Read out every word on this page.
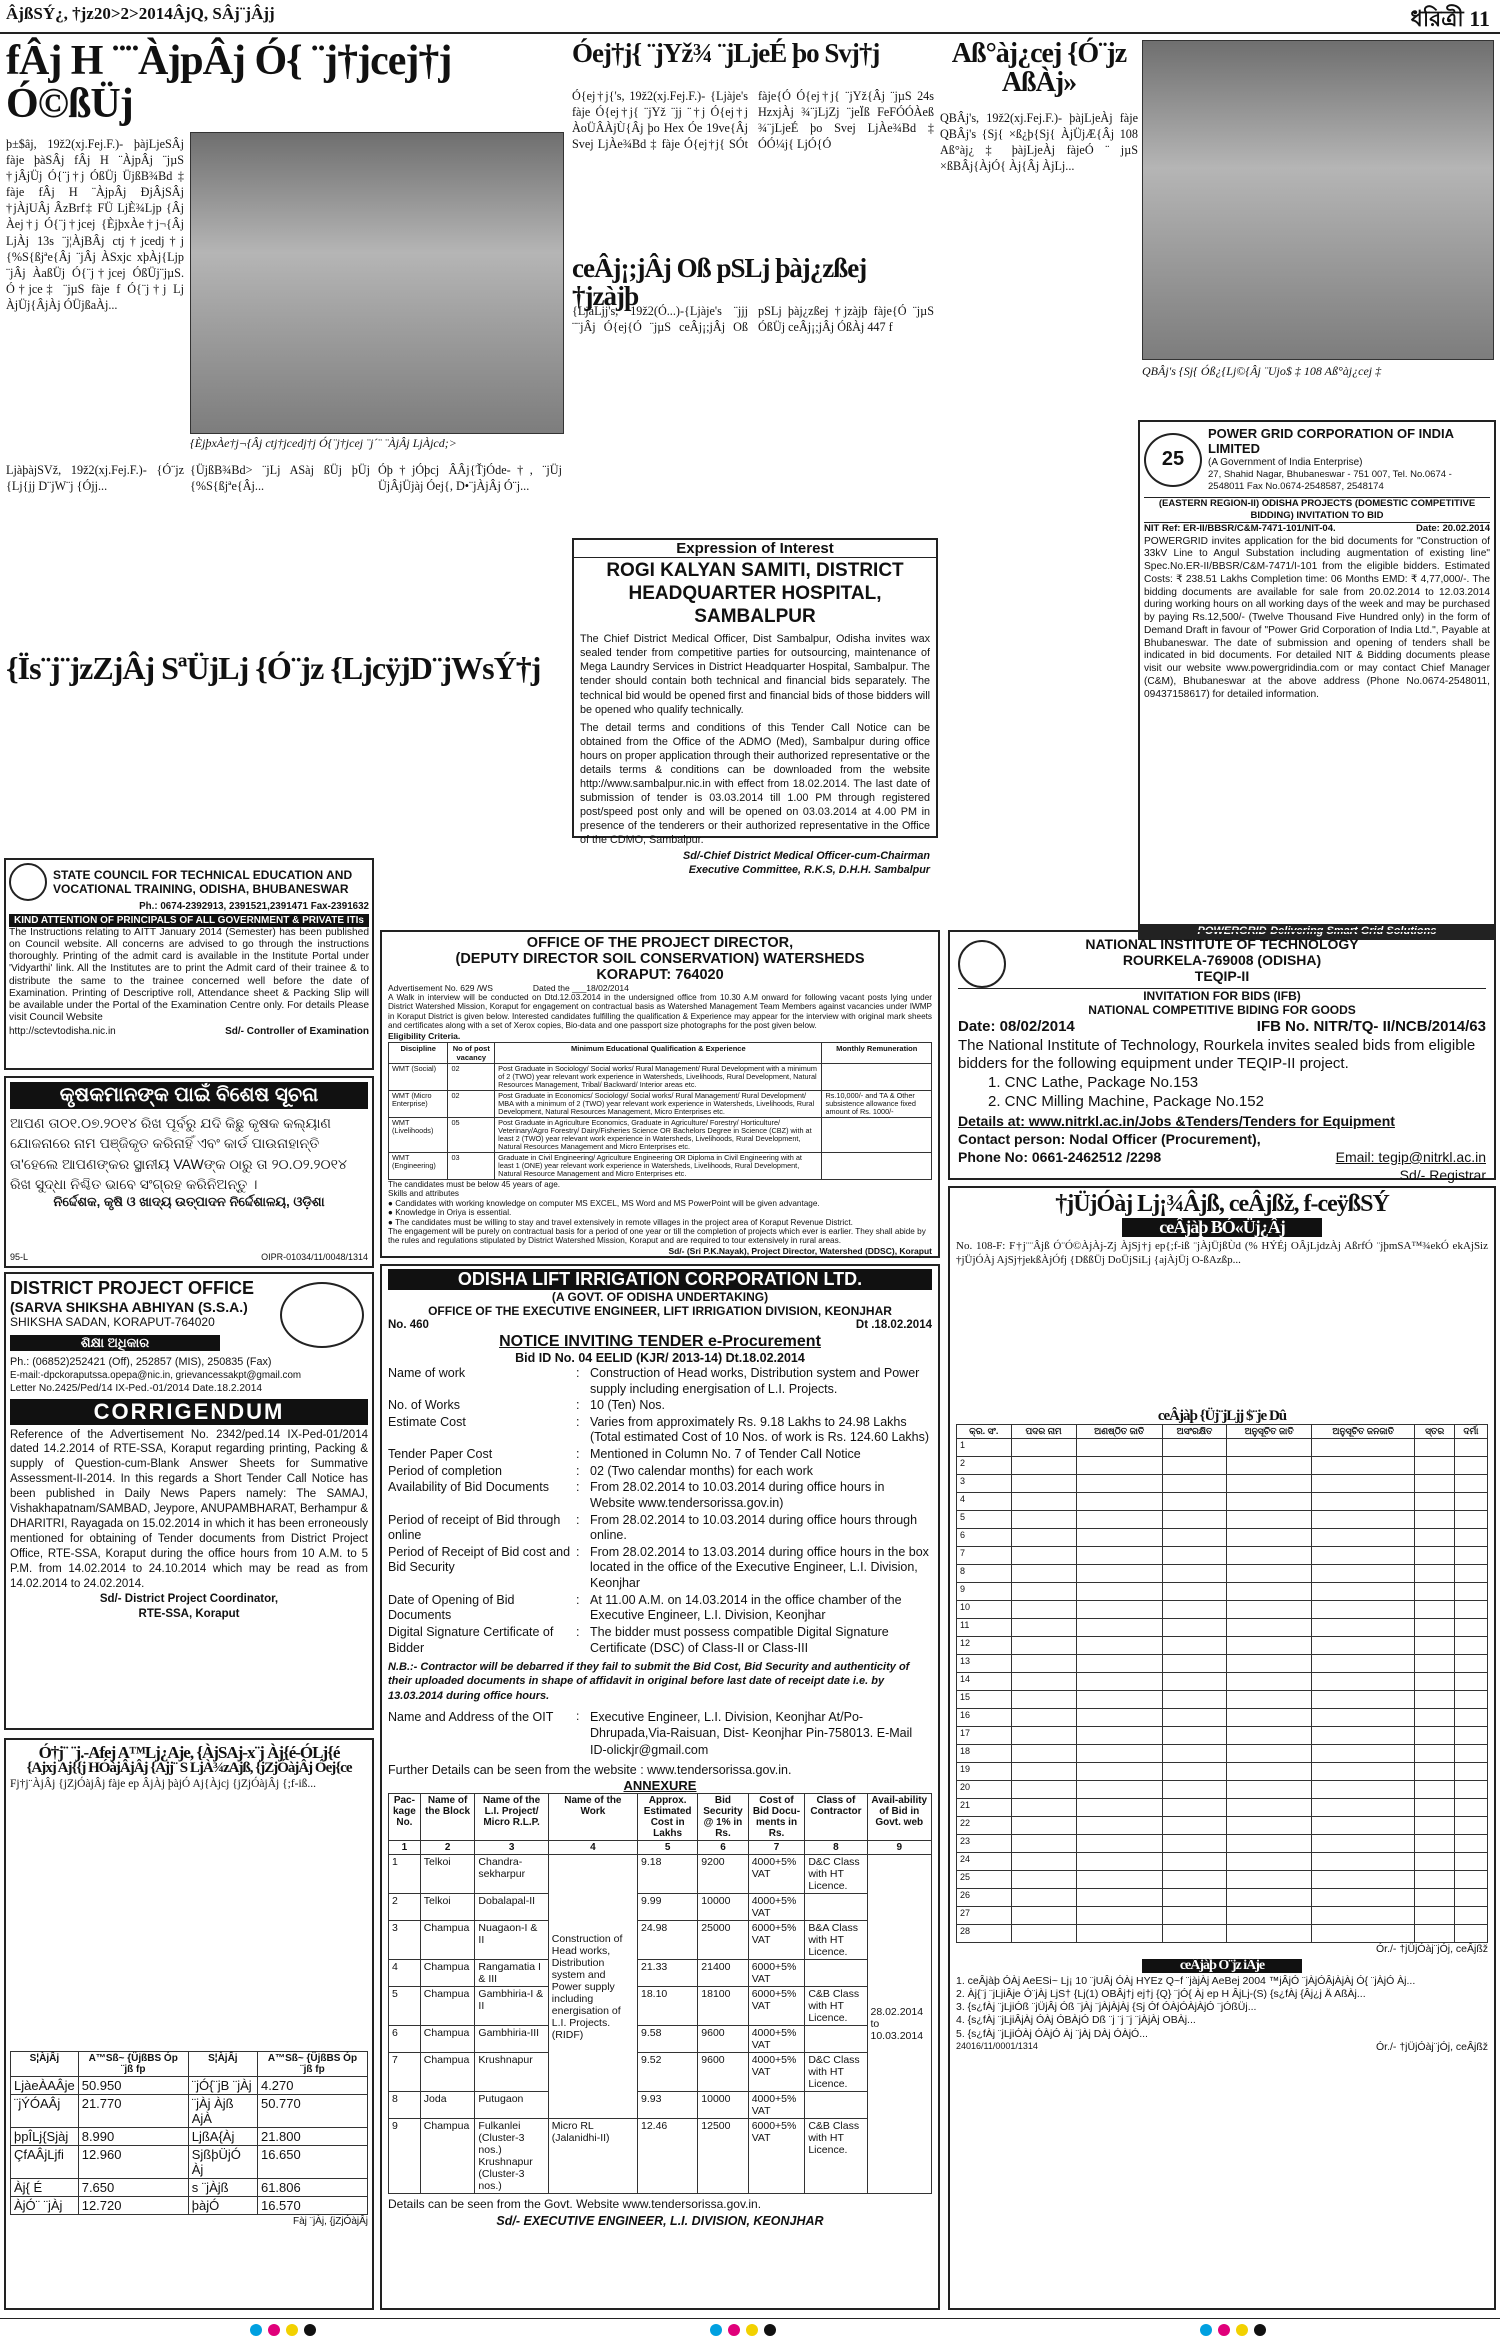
ÂjßSÝ¿, †jz20>2>2014ÂjQ, SÂj¨jÂjj	ধরিত্রী 11
fÂj H ¨¨ÀjpÂj Ó{ ¨j†jcej†j Ó©ßÜj
þ±$âj, 19ž2(xj.Fej.F.)- þàjLjeSÂj fàje þàSÂj fÂj H ¨ÀjpÂj ¨jµS †jÂjÜj Ó{¨j†j ÓßÜj ÜjßB¾Bd ‡ fàje fÂj H ¨ÀjpÂj ÐjÂjSÂj †jÀjUÂj ÂzBrf‡ FÜ LjÈ¾Ljp {Âj Àej†j Ó{¨j†jcej {ÈjþxÀe†j¬{Âj LjÀj 13s ¨j¦ÀjBÂj ctj†jcedj†j {%S{ßjªe{Âj ¨jÂj ÀSxjc xþÀj{Ljp ¨jÂj ÀaßÜj Ó{¨j†jcej ÓßÜj¨jµS. Ó†jce‡ ¨jµS fàje f Ó{¨j†j Lj ÀjÜj{ÂjÀj ÓÜjßaÀj...
{ÈjþxÀe†j¬{Âj ctj†jcedj†j Ó{¨j†jcej ¨j´¨ ¨ÀjÂj LjÀjcd;>
Óej†j{ ¨jYž¾ ¨jLjeÉ þo Svj†j
Ó{ej†j{'s, 19ž2(xj.Fej.F.)- {Ljàje's fàje Ó{ej†j{ ¨jYž ¨jj ¨†j Ó{ej†j ÀoÜÂÀjÙ{Âj þo Hex Óe 19ve{Âj Svej LjÀe¾Bd ‡ fàje Ó{ej†j{ SÓt fàje{Ó Ó{ej†j{ ¨jYž{Âj ¨jµS 24s HzxjÀj ¾¨jLjZj ¨jeÏß FeFÓÓÀeß ¾¨jLjeÉ þo Svej LjÀe¾Bd ‡ ÓÓ¼j{ LjÓ{Ó
ceÂj¡;jÂj Oß pSLj þàj¿zßej †jzàjþ
{LjàLjj's, 19ž2(Ó...)-{Ljàje's ¨jjj ¨¨jÂj Ó{ej{Ó ¨jµS ceÂj¡;jÂj Oß pSLj þàj¿zßej †jzàjþ fàje{Ó ¨jµS ÓßÜj ceÂj¡;jÂj ÓßÀj 447 f
Aß°àj¿cej {Ó¨jz AßÀj»
QBÂj's, 19ž2(xj.Fej.F.)- þàjLjeÀj fàje QBÂj's {Sj{ ×ß¿þ{Sj{ ÀjÜjÆ{Âj 108 Aß°àj¿ ‡ þàjLjeÀj fàjeÓ ¨ jµS ×ßBÂj{ÀjÓ{ Àj{Âj ÀjLj...
QBÂj's {Sj{ Óß¿{Lj©{Âj ¨Ujo$ ‡ 108 Aß°àj¿cej ‡
LjàþàjSVž, 19ž2(xj.Fej.F.)- {Ó¨jz {Lj{jj D¨jW¨j {Ójj...
{ÜjßB¾Bd> ¨jLj ASàj ßÜj þÜj {%S{ßjªe{Âj...
Óþ†jÓþcj ÂÂj{ŤjÓde-†, ¨jÜj ÜjÂjÜjàj Óej{, D•¨jÀjÂj Ó¨j...
{Ïs¨j¨jzZjÂj SªÜjLj {Ó¨jz {LjcÿjD¨jWsÝ†j
Expression of Interest
ROGI KALYAN SAMITI, DISTRICT HEADQUARTER HOSPITAL, SAMBALPUR
The Chief District Medical Officer, Dist Sambalpur, Odisha invites wax sealed tender from competitive parties for outsourcing, maintenance of Mega Laundry Services in District Headquarter Hospital, Sambalpur. The tender should contain both technical and financial bids separately. The technical bid would be opened first and financial bids of those bidders will be opened who qualify technically.
The detail terms and conditions of this Tender Call Notice can be obtained from the Office of the ADMO (Med), Sambalpur during office hours on proper application through their authorized representative or the details terms & conditions can be downloaded from the website http://www.sambalpur.nic.in with effect from 18.02.2014. The last date of submission of tender is 03.03.2014 till 1.00 PM through registered post/speed post only and will be opened on 03.03.2014 at 4.00 PM in presence of the tenderers or their authorized representative in the Office of the CDMO, Sambalpur.
Sd/-Chief District Medical Officer-cum-Chairman
Executive Committee, R.K.S, D.H.H. Sambalpur
25
POWER GRID CORPORATION OF INDIA LIMITED
(A Government of India Enterprise)
27, Shahid Nagar, Bhubaneswar - 751 007, Tel. No.0674 - 2548011 Fax No.0674-2548587, 2548174
(EASTERN REGION-II) ODISHA PROJECTS (DOMESTIC COMPETITIVE BIDDING) INVITATION TO BID
NIT Ref: ER-II/BBSR/C&M-7471-101/NIT-04.	Date: 20.02.2014
POWERGRID invites application for the bid documents for "Construction of 33kV Line to Angul Substation including augmentation of existing line" Spec.No.ER-II/BBSR/C&M-7471/I-101 from the eligible bidders. Estimated Costs: ₹ 238.51 Lakhs Completion time: 06 Months EMD: ₹ 4,77,000/-. The bidding documents are available for sale from 20.02.2014 to 12.03.2014 during working hours on all working days of the week and may be purchased by paying Rs.12,500/- (Twelve Thousand Five Hundred only) in the form of Demand Draft in favour of "Power Grid Corporation of India Ltd.", Payable at Bhubaneswar. The date of submission and opening of tenders shall be indicated in bid documents. For detailed NIT & Bidding documents please visit our website www.powergridindia.com or may contact Chief Manager (C&M), Bhubaneswar at the above address (Phone No.0674-2548011, 09437158617) for detailed information.
POWERGRID-Delivering Smart Grid Solutions
STATE COUNCIL FOR TECHNICAL EDUCATION AND VOCATIONAL TRAINING, ODISHA, BHUBANESWAR
Ph.: 0674-2392913, 2391521,2391471 Fax-2391632
KIND ATTENTION OF PRINCIPALS OF ALL GOVERNMENT & PRIVATE ITIs
The Instructions relating to AITT January 2014 (Semester) has been published on Council website. All concerns are advised to go through the instructions thoroughly. Printing of the admit card is available in the Institute Portal under 'Vidyarthi' link. All the Institutes are to print the Admit card of their trainee & to distribute the same to the trainee concerned well before the date of Examination. Printing of Descriptive roll, Attendance sheet & Packing Slip will be available under the Portal of the Examination Centre only. For details Please visit Council Website
http://sctevtodisha.nic.in	Sd/- Controller of Examination
କୃଷକମାନଙ୍କ ପାଇଁ ବିଶେଷ ସୂଚନା
ଆପଣ ତା୦୧.୦୭.୨୦୧୪ ରିଖ ପୂର୍ବରୁ ଯଦି କିଛୁ କୃଷକ କଲ୍ୟାଣ ଯୋଜନାରେ ନାମ ପଞ୍ଜିକୃତ କରିନାହିଁ ଏବଂ କାର୍ଡ ପାଉନାହାନ୍ତି ତା'ହେଲେ ଆପଣଙ୍କର ସ୍ଥାନୀୟ VAWଙ୍କ ଠାରୁ ତା ୨୦.୦୨.୨୦୧୪ ରିଖ ସୁଦ୍ଧା ନିଶ୍ଚିତ ଭାବେ ସଂଗ୍ରହ କରିନିଅନ୍ତୁ ।
ନିର୍ଦ୍ଦେଶକ, କୃଷି ଓ ଖାଦ୍ୟ ଉତ୍ପାଦନ ନିର୍ଦ୍ଦେଶାଳୟ, ଓଡ଼ିଶା
95-L	OIPR-01034/11/0048/1314
DISTRICT PROJECT OFFICE
(SARVA SHIKSHA ABHIYAN (S.S.A.)
SHIKSHA SADAN, KORAPUT-764020
ଶିକ୍ଷା ଅଧିକାର
Ph.: (06852)252421 (Off), 252857 (MIS), 250835 (Fax)
E-mail:-dpckoraputssa.opepa@nic.in, grievancessakpt@gmail.com
Letter No.2425/Ped/14 IX-Ped.-01/2014 Date.18.2.2014
CORRIGENDUM
Reference of the Advertisement No. 2342/ped.14 IX-Ped-01/2014 dated 14.2.2014 of RTE-SSA, Koraput regarding printing, Packing & supply of Question-cum-Blank Answer Sheets for Summative Assessment-II-2014. In this regards a Short Tender Call Notice has been published in Daily News Papers namely: The SAMAJ, Vishakhapatnam/SAMBAD, Jeypore, ANUPAMBHARAT, Berhampur & DHARITRI, Rayagada on 15.02.2014 in which it has been erroneously mentioned for obtaining of Tender documents from District Project Office, RTE-SSA, Koraput during the office hours from 10 A.M. to 5 P.M. from 14.02.2014 to 24.10.2014 which may be read as from 14.02.2014 to 24.02.2014.
Sd/- District Project Coordinator,
RTE-SSA, Koraput
Ó†j¨ ¨j.-Afej A™Lj¿Aje, {ÀjSAj-x¨j Àj{é-ÓLj{é
{Ajxj Aj{{j HÓàjÂjÂj {Ajj¨ S LjÀ¾zAjß, {jZjÓàjÂj Óej{ce
Fj†j¨ÀjÂj {jZjÓàjÂj fàje ep ÂjÀj þàjÓ Aj{Àjcj {jZjÓàjÂj {;f-iß...
S¦ÀjÂj	A™Sß~ {ÜjßBS Óp ¨jß fp	S¦ÀjÂj	A™Sß~ {ÜjßBS Óp ¨jß fp
LjàeÀAÂje	50.950	¨jÓ{¨jB ¨jÀj	4.270
¨jÝÓAÂj	21.770	¨jÀj Àjß AjÀ	50.770
þpÎLj{Sjàj	8.990	LjßA{Àj	21.800
ÇfAÂjLjfi	12.960	SjßþÜjÓ Àj	16.650
Àj{ É	7.650	s ¨jÀjß	61.806
ÀjÓ¨ ¨jÀj	12.720	þàjÓ	16.570
Fàj ¨jÀj, {jZjÓàjÂj
OFFICE OF THE PROJECT DIRECTOR,
(DEPUTY DIRECTOR SOIL CONSERVATION) WATERSHEDS
KORAPUT: 764020
Advertisement No. 629 /WS	Dated the ___18/02/2014
A Walk in interview will be conducted on Dtd.12.03.2014 in the undersigned office from 10.30 A.M onward for following vacant posts lying under District Watershed Mission, Koraput for engagement on contractual basis as Watershed Management Team Members against vacancies under IWMP in Koraput District is given below. Interested candidates fulfilling the qualification & Experience may appear for the interview with original mark sheets and certificates along with a set of Xerox copies, Bio-data and one passport size photographs for the post given below.
Eligibility Criteria.
Discipline	No of post vacancy	Minimum Educational Qualification & Experience	Monthly Remuneration
WMT (Social)	02	Post Graduate in Sociology/ Social works/ Rural Management/ Rural Development with a minimum of 2 (TWO) year relevant work experience in Watersheds, Livelihoods, Rural Development, Natural Resources Management, Tribal/ Backward/ Interior areas etc.	
WMT (Micro Enterprise)	02	Post Graduate in Economics/ Sociology/ Social works/ Rural Management/ Rural Development/ MBA with a minimum of 2 (TWO) year relevant work experience in Watersheds, Livelihoods, Rural Development, Natural Resources Management, Micro Enterprises etc.	Rs.10,000/- and TA & Other subsistence allowance fixed amount of Rs. 1000/-
WMT (Livelihoods)	05	Post Graduate in Agriculture Economics, Graduate in Agriculture/ Forestry/ Horticulture/ Veterinary/Agro Forestry/ Dairy/Fisheries Science OR Bachelors Degree in Science (CBZ) with at least 2 (TWO) year relevant work experience in Watersheds, Livelihoods, Rural Development, Natural Resources Management and Micro Enterprises etc.	
WMT (Engineering)	03	Graduate in Civil Engineering/ Agriculture Engineering OR Diploma in Civil Engineering with at least 1 (ONE) year relevant work experience in Watersheds, Livelihoods, Rural Development, Natural Resource Management and Micro Enterprises etc.	
The candidates must be below 45 years of age.
Skills and attributes
● Candidates with working knowledge on computer MS EXCEL, MS Word and MS PowerPoint will be given advantage.
● Knowledge in Oriya is essential.
● The candidates must be willing to stay and travel extensively in remote villages in the project area of Koraput Revenue District.
The engagement will be purely on contractual basis for a period of one year or till the completion of projects which ever is earlier. They shall abide by the rules and regulations stipulated by District Watershed Mission, Koraput and are required to tour extensively in rural areas.
Sd/- (Sri P.K.Nayak), Project Director, Watershed (DDSC), Koraput
ODISHA LIFT IRRIGATION CORPORATION LTD.
(A GOVT. OF ODISHA UNDERTAKING)
OFFICE OF THE EXECUTIVE ENGINEER, LIFT IRRIGATION DIVISION, KEONJHAR
No. 460	Dt .18.02.2014
NOTICE INVITING TENDER e-Procurement
Bid ID No. 04 EELID (KJR/ 2013-14) Dt.18.02.2014
Name of work	: Construction of Head works, Distribution system and Power supply including energisation of L.I. Projects.
No. of Works	: 10 (Ten) Nos.
Estimate Cost	: Varies from approximately Rs. 9.18 Lakhs to 24.98 Lakhs (Total estimated Cost of 10 Nos. of work is Rs. 124.60 Lakhs)
Tender Paper Cost	: Mentioned in Column No. 7 of Tender Call Notice
Period of completion	: 02 (Two calendar months) for each work
Availability of Bid Documents	: From 28.02.2014 to 10.03.2014 during office hours in Website www.tendersorissa.gov.in)
Period of receipt of Bid through online
: From 28.02.2014 to 10.03.2014 during office hours through online.
Period of Receipt of Bid cost and Bid Security
: From 28.02.2014 to 13.03.2014 during office hours in the box located in the office of the Executive Engineer, L.I. Division, Keonjhar
Date of Opening of Bid Documents
: At 11.00 A.M. on 14.03.2014 in the office chamber of the Executive Engineer, L.I. Division, Keonjhar
Digital Signature Certificate of Bidder
: The bidder must possess compatible Digital Signature Certificate (DSC) of Class-II or Class-III
N.B.:- Contractor will be debarred if they fail to submit the Bid Cost, Bid Security and authenticity of their uploaded documents in shape of affidavit in original before last date of receipt date i.e. by 13.03.2014 during office hours.
Name and Address of the OIT	: Executive Engineer, L.I. Division, Keonjhar At/Po-Dhrupada,Via-Raisuan, Dist- Keonjhar Pin-758013. E-Mail ID-olickjr@gmail.com
Further Details can be seen from the website : www.tendersorissa.gov.in.
ANNEXURE
Pac-kage No.	Name of the Block	Name of the L.I. Project/ Micro R.L.P.	Name of the Work	Approx. Estimated Cost in Lakhs	Bid Security @ 1% in Rs.	Cost of Bid Docu-ments in Rs.	Class of Contractor	Avail-ability of Bid in Govt. web
1	2	3	4	5	6	7	8	9
1	Telkoi	Chandra-sekharpur	Construction of Head works, Distribution system and Power supply including energisation of L.I. Projects. (RIDF)	9.18	9200	4000+5% VAT	D&C Class with HT Licence.	28.02.2014 to 10.03.2014
2	Telkoi	Dobalapal-II		9.99	10000	4000+5% VAT		
3	Champua	Nuagaon-I & II		24.98	25000	6000+5% VAT	B&A Class with HT Licence.	
4	Champua	Rangamatia I & III		21.33	21400	6000+5% VAT		
5	Champua	Gambhiria-I & II		18.10	18100	6000+5% VAT	C&B Class with HT Licence.	
6	Champua	Gambhiria-III		9.58	9600	4000+5% VAT		
7	Champua	Krushnapur		9.52	9600	4000+5% VAT	D&C Class with HT Licence.	
8	Joda	Putugaon		9.93	10000	4000+5% VAT		
9	Champua	Fulkanlei (Cluster-3 nos.) Krushnapur (Cluster-3 nos.)	Micro RL (Jalanidhi-II)	12.46	12500	6000+5% VAT	C&B Class with HT Licence.	
Details can be seen from the Govt. Website www.tendersorissa.gov.in.
Sd/- EXECUTIVE ENGINEER, L.I. DIVISION, KEONJHAR
NATIONAL INSTITUTE OF TECHNOLOGY
ROURKELA-769008 (ODISHA)
TEQIP-II
INVITATION FOR BIDS (IFB)
NATIONAL COMPETITIVE BIDING FOR GOODS
Date: 08/02/2014	IFB No. NITR/TQ- II/NCB/2014/63
The National Institute of Technology, Rourkela invites sealed bids from eligible bidders for the following equipment under TEQIP-II project.
1. CNC Lathe, Package No.153
2. CNC Milling Machine, Package No.152
Details at: www.nitrkl.ac.in/Jobs &Tenders/Tenders for Equipment
Contact person: Nodal Officer (Procurement),
Phone No: 0661-2462512 /2298	Email: tegip@nitrkl.ac.in
Sd/- Registrar
†jÜjÓàj Lj¡¾Âjß, ceÂjßž, f-ceÿßSÝ
ceÂjàþ BÓ«Üj¿Âj
No. 108-F: F†j¨¨Âjß Ó¨Ó©ÀjÀj-Zj ÀjSj†j ep{;f-iß ¨jÀjÜjßÙd (% HÝÉj OÂjLjdzÀj AßrfÓ ¨jþmSA™¾ekÓ ekAjSiz †jÜjÓÀj AjSj†jekßÀjÓfj {DßßÜj DoÜjSiLj {ajÀjÜj O-ßAzßp...
ceÂjàþ {Üj¨jLjj $¨je Dû
କ୍ର. ସଂ.	ପଦର ନାମ	ଅଣଷ୍ଠିତ ଜାତି	ଅସଂରକ୍ଷିତ	ଅନୁସୂଚିତ ଜାତି	ଅନୁସୂଚିତ ଜନଜାତି	ସ୍ତର	ଦର୍ମା
1							
2							
3							
4							
5							
6							
7							
8							
9							
10							
11							
12							
13							
14							
15							
16							
17							
18							
19							
20							
21							
22							
23							
24							
25							
26							
27							
28							
Ór./- †jÜjÓàj¨jÓj, ceÂjßž
ceÂjàþ Ó¨jz iÂje
1. ceÂjàþ ÓÀj AeESi~ Lj¡ 10 ¨jUÂj ÓÀj HYEz Q~f ¨jàjÀj AeBej 2004 ™jÂjÓ ¨jÀjÓÂjÀjÀj Ó{ ¨jÀjÓ Àj...
2. Àj{¨j ¨jLjiÂje Ó¨jÀj LjS† {Lj(1) OBÂj†j ej†j {Q} ¨jÓ{ Àj ep H ÂjLj-(S) {s¿fÀj {Âj¿j Ä AßÀj...
3. {s¿fÀj ¨jLjiÓß ¨jÜjÂj Óß ¨jÀj ¨jÀjÀjÀj {Sj Óf ÓÀjÓÀjÀjÓ ¨jÓßÜj...
4. {s¿fÀj ¨jLjiÂjÀj ÓÀj ÓBÀjÓ Dß ¨j ¨j ¨j ¨jÀjÀj OBÀj...
5. {s¿fÀj ¨jLjiÓÀj ÓÀjÓ Àj ¨jÀj DÀj ÓÀjÓ...
24016/11/0001/1314	Ór./- †jÜjÓàj¨jÓj, ceÂjßž
